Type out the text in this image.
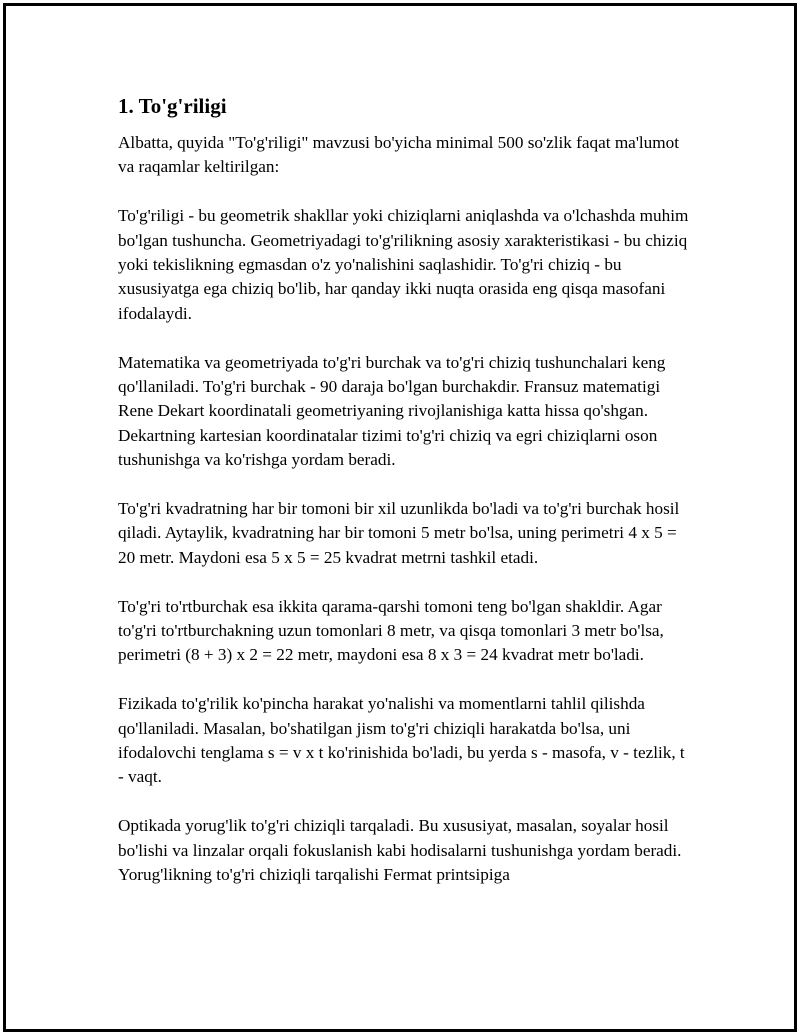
1. To'g'riligi

Albatta, quyida "To'g'riligi" mavzusi bo'yicha minimal 500 so'zlik faqat ma'lumot va raqamlar keltirilgan:

To'g'riligi - bu geometrik shakllar yoki chiziqlarni aniqlashda va o'lchashda muhim bo'lgan tushuncha. Geometriyadagi to'g'rilikning asosiy xarakteristikasi - bu chiziq yoki tekislikning egmasdan o'z yo'nalishini saqlashidir. To'g'ri chiziq - bu xususiyatga ega chiziq bo'lib, har qanday ikki nuqta orasida eng qisqa masofani ifodalaydi.

Matematika va geometriyada to'g'ri burchak va to'g'ri chiziq tushunchalari keng qo'llaniladi. To'g'ri burchak - 90 daraja bo'lgan burchakdir. Fransuz matematigi Rene Dekart koordinatali geometriyaning rivojlanishiga katta hissa qo'shgan. Dekartning kartesian koordinatalar tizimi to'g'ri chiziq va egri chiziqlarni oson tushunishga va ko'rishga yordam beradi.

To'g'ri kvadratning har bir tomoni bir xil uzunlikda bo'ladi va to'g'ri burchak hosil qiladi. Aytaylik, kvadratning har bir tomoni 5 metr bo'lsa, uning perimetri 4 x 5 = 20 metr. Maydoni esa 5 x 5 = 25 kvadrat metrni tashkil etadi.

To'g'ri to'rtburchak esa ikkita qarama-qarshi tomoni teng bo'lgan shakldir. Agar to'g'ri to'rtburchakning uzun tomonlari 8 metr, va qisqa tomonlari 3 metr bo'lsa, perimetri (8 + 3) x 2 = 22 metr, maydoni esa 8 x 3 = 24 kvadrat metr bo'ladi.

Fizikada to'g'rilik ko'pincha harakat yo'nalishi va momentlarni tahlil qilishda qo'llaniladi. Masalan, bo'shatilgan jism to'g'ri chiziqli harakatda bo'lsa, uni ifodalovchi tenglama s = v x t ko'rinishida bo'ladi, bu yerda s - masofa, v - tezlik, t - vaqt.

Optikada yorug'lik to'g'ri chiziqli tarqaladi. Bu xususiyat, masalan, soyalar hosil bo'lishi va linzalar orqali fokuslanish kabi hodisalarni tushunishga yordam beradi. Yorug'likning to'g'ri chiziqli tarqalishi Fermat printsipiga
